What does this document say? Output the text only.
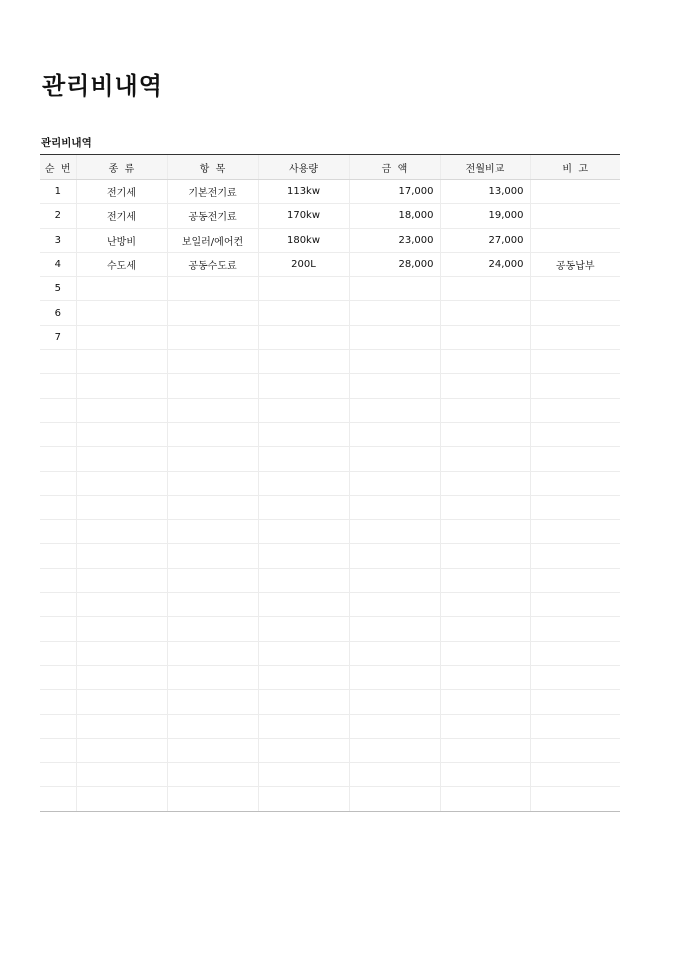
관리비내역
관리비내역
순  번	종  류	항  목	사용량	금  액	전월비교	비  고
1	전기세	기본전기료	113kw	17,000	13,000	
2	전기세	공동전기료	170kw	18,000	19,000	
3	난방비	보일러/에어컨	180kw	23,000	27,000	
4	수도세	공동수도료	200L	28,000	24,000	공동납부
5						
6						
7						
